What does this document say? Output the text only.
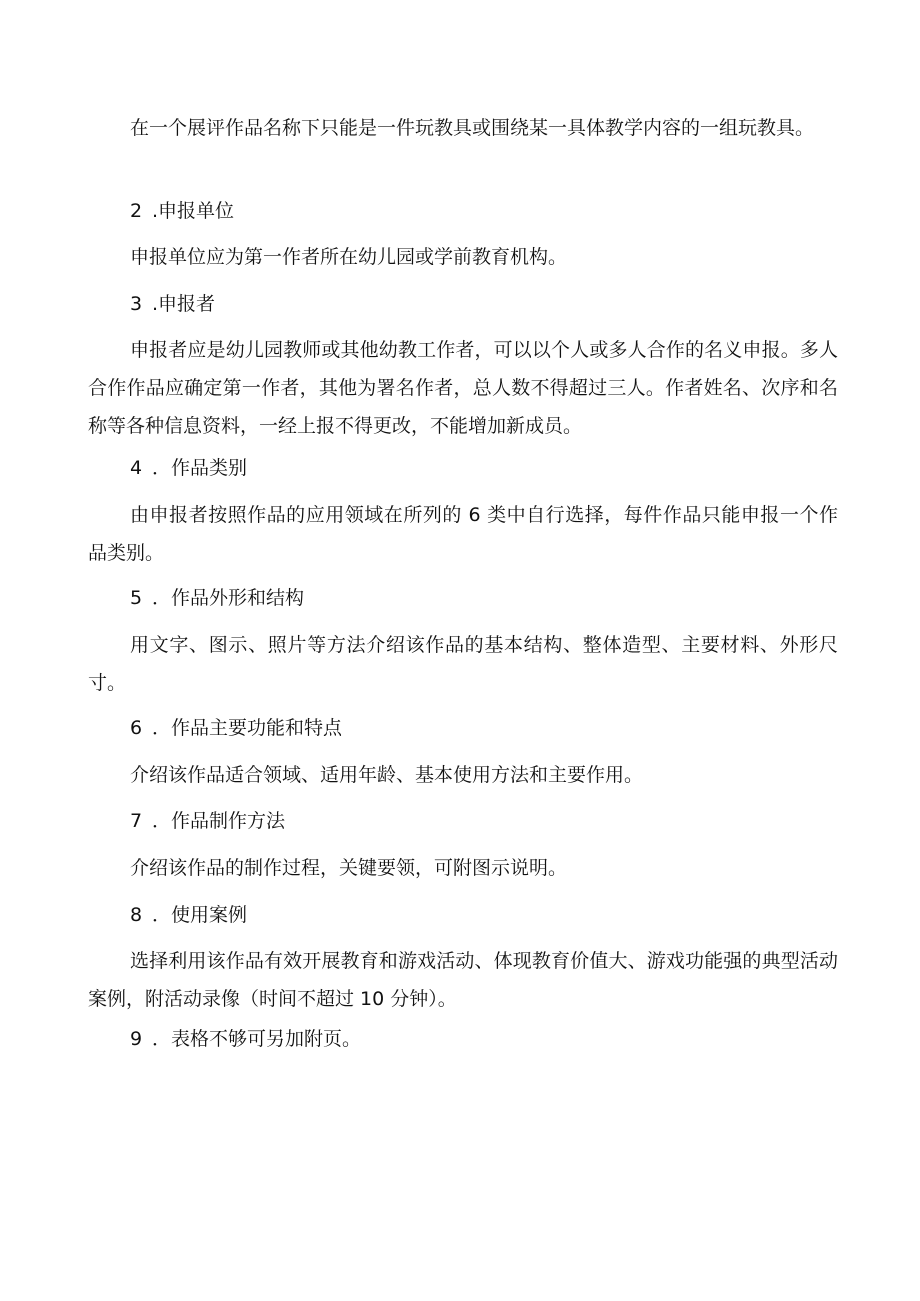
在一个展评作品名称下只能是一件玩教具或围绕某一具体教学内容的一组玩教具。

2 .申报单位

申报单位应为第一作者所在幼儿园或学前教育机构。

3 .申报者

申报者应是幼儿园教师或其他幼教工作者，可以以个人或多人合作的名义申报。多人合作作品应确定第一作者，其他为署名作者，总人数不得超过三人。作者姓名、次序和名称等各种信息资料，一经上报不得更改，不能增加新成员。

4 ．作品类别

由申报者按照作品的应用领域在所列的 6 类中自行选择，每件作品只能申报一个作品类别。

5 ．作品外形和结构

用文字、图示、照片等方法介绍该作品的基本结构、整体造型、主要材料、外形尺寸。

6 ．作品主要功能和特点

介绍该作品适合领域、适用年龄、基本使用方法和主要作用。

7 ．作品制作方法

介绍该作品的制作过程，关键要领，可附图示说明。

8 ．使用案例

选择利用该作品有效开展教育和游戏活动、体现教育价值大、游戏功能强的典型活动案例，附活动录像（时间不超过 10 分钟）。

9 ．表格不够可另加附页。
